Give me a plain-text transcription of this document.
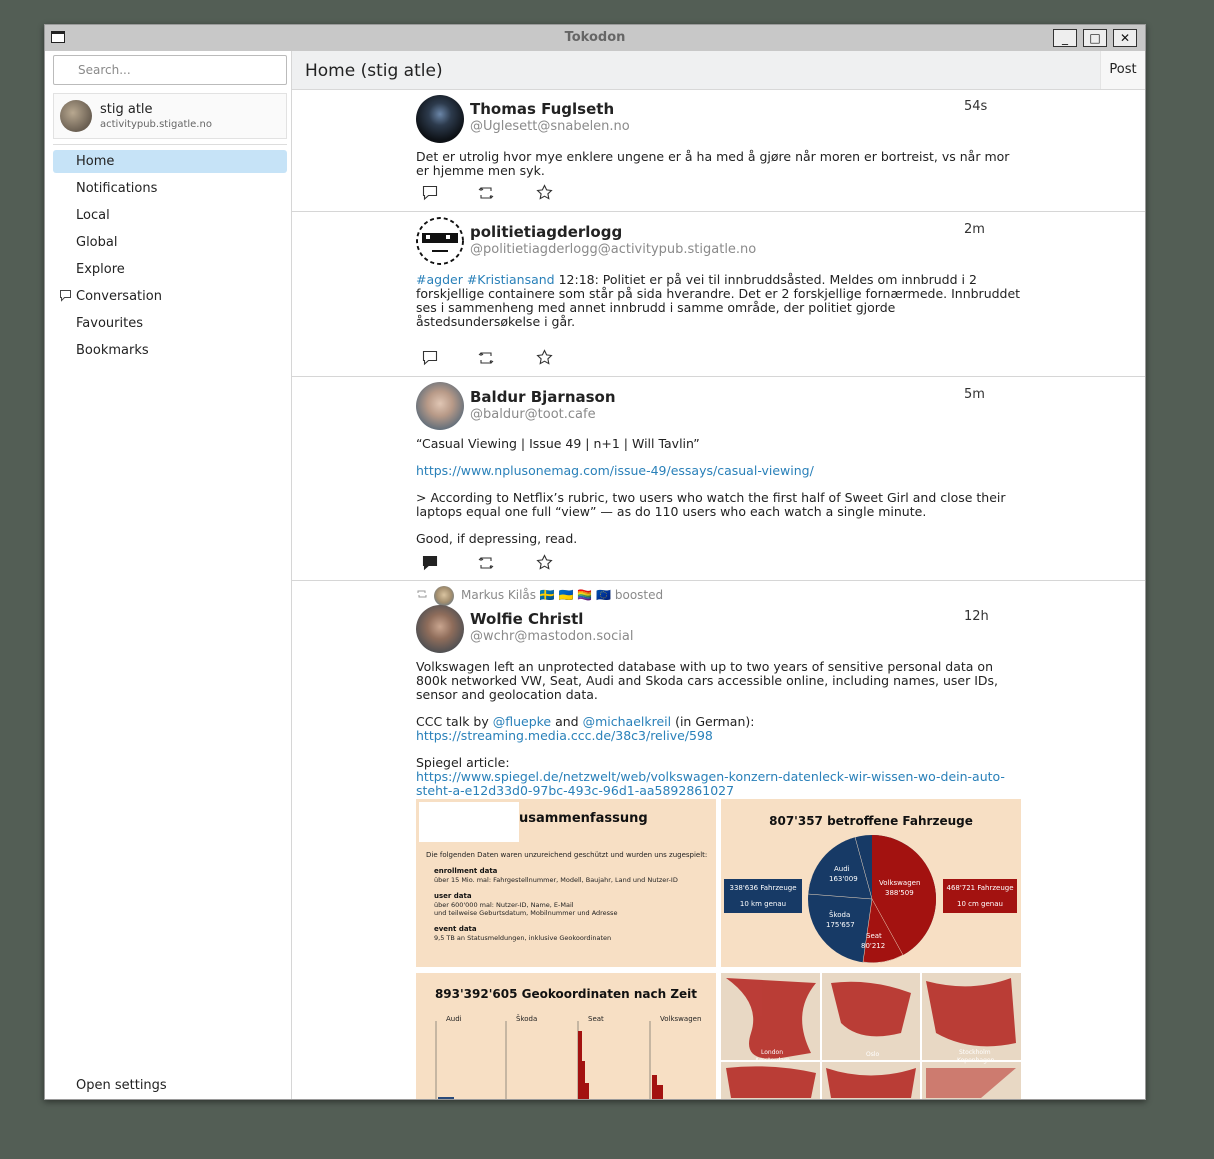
Tokodon	_	□	✕
Search...
stig atle
activitypub.stigatle.no
Home
Notifications
Local
Global
Explore
Conversation
Favourites
Bookmarks
Open settings
Home (stig atle)	Post
Thomas Fuglseth
@Uglesett@snabelen.no
54s

Det er utrolig hvor mye enklere ungene er å ha med å gjøre når moren er bortreist, vs når mor er hjemme men syk.

politietiagderlogg
@politietiagderlogg@activitypub.stigatle.no
2m

#agder #Kristiansand 12:18: Politiet er på vei til innbruddsåsted. Meldes om innbrudd i 2 forskjellige containere som står på sida hverandre. Det er 2 forskjellige fornærmede. Innbruddet ses i sammenheng med annet innbrudd i samme område, der politiet gjorde åstedsundersøkelse i går.

Baldur Bjarnason
@baldur@toot.cafe
5m

“Casual Viewing | Issue 49 | n+1 | Will Tavlin”

https://www.nplusonemag.com/issue-49/essays/casual-viewing/

> According to Netflix’s rubric, two users who watch the first half of Sweet Girl and close their laptops equal one full “view” — as do 110 users who each watch a single minute.

Good, if depressing, read.

Markus Kilås 🇸🇪 🇺🇦 🏳️‍🌈 🇪🇺 boosted
Wolfie Christl
@wchr@mastodon.social
12h

Volkswagen left an unprotected database with up to two years of sensitive personal data on 800k networked VW, Seat, Audi and Skoda cars accessible online, including names, user IDs, sensor and geolocation data.

CCC talk by @fluepke and @michaelkreil (in German):
https://streaming.media.ccc.de/38c3/relive/598

Spiegel article:
https://www.spiegel.de/netzwelt/web/volkswagen-konzern-datenleck-wir-wissen-wo-dein-auto-steht-a-e12d33d0-97bc-493c-96d1-aa5892861027

usammenfassung
Die folgenden Daten waren unzureichend geschützt und wurden uns zugespielt:
enrollment data
über 15 Mio. mal: Fahrgestellnummer, Modell, Baujahr, Land und Nutzer-ID
user data
über 600'000 mal: Nutzer-ID, Name, E-Mail
und teilweise Geburtsdatum, Mobilnummer und Adresse
event data
9,5 TB an Statusmeldungen, inklusive Geokoordinaten
807'357 betroffene Fahrzeuge
Audi
163'009
Škoda
175'657
Volkswagen
388'509
Seat
80'212
338'636 Fahrzeuge
10 km genau
468'721 Fahrzeuge
10 cm genau
893'392'605 Geokoordinaten nach Zeit
Audi	Škoda	Seat	Volkswagen
London
Amsterdam
Oslo	Stockholm
Kopenhagen
